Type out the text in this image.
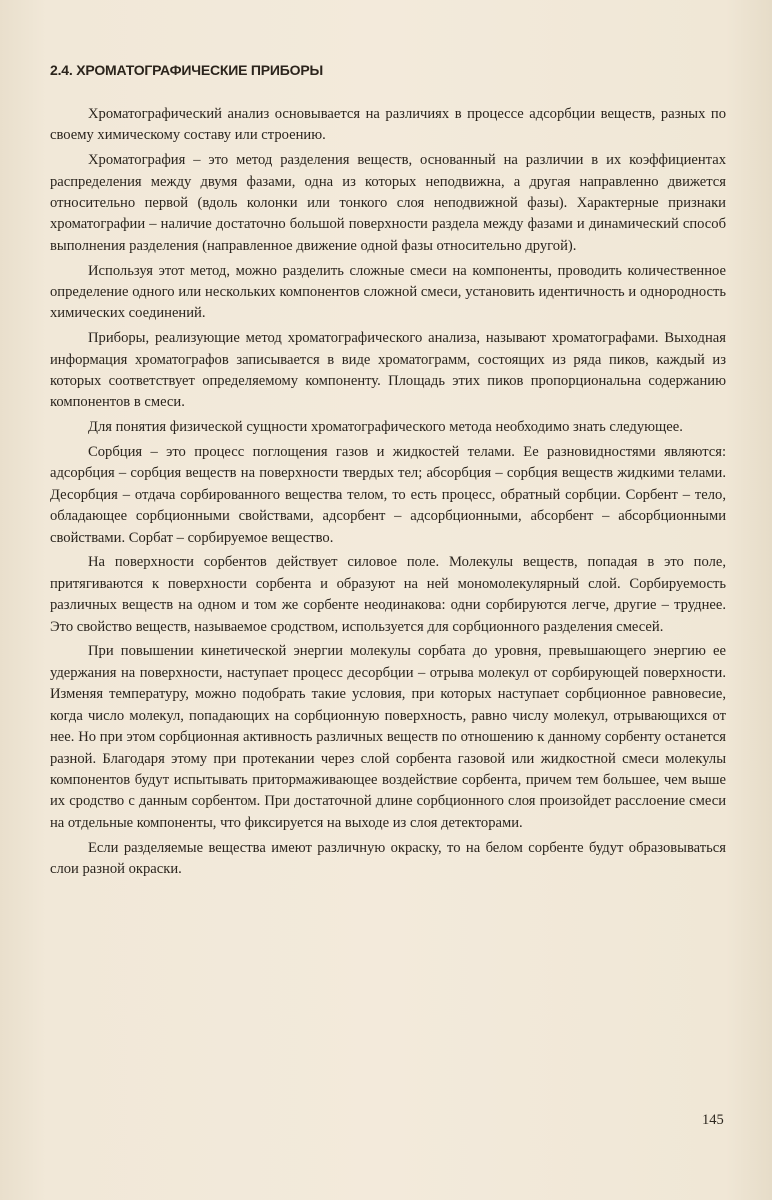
2.4. ХРОМАТОГРАФИЧЕСКИЕ ПРИБОРЫ

Хроматографический анализ основывается на различиях в процессе адсорбции веществ, разных по своему химическому составу или строению.

Хроматография – это метод разделения веществ, основанный на различии в их коэффициентах распределения между двумя фазами, одна из которых неподвижна, а другая направленно движется относительно первой (вдоль колонки или тонкого слоя неподвижной фазы). Характерные признаки хроматографии – наличие достаточно большой поверхности раздела между фазами и динамический способ выполнения разделения (направленное движение одной фазы относительно другой).

Используя этот метод, можно разделить сложные смеси на компоненты, проводить количественное определение одного или нескольких компонентов сложной смеси, установить идентичность и однородность химических соединений.

Приборы, реализующие метод хроматографического анализа, называют хроматографами. Выходная информация хроматографов записывается в виде хроматограмм, состоящих из ряда пиков, каждый из которых соответствует определяемому компоненту. Площадь этих пиков пропорциональна содержанию компонентов в смеси.

Для понятия физической сущности хроматографического метода необходимо знать следующее.

Сорбция – это процесс поглощения газов и жидкостей телами. Ее разновидностями являются: адсорбция – сорбция веществ на поверхности твердых тел; абсорбция – сорбция веществ жидкими телами. Десорбция – отдача сорбированного вещества телом, то есть процесс, обратный сорбции. Сорбент – тело, обладающее сорбционными свойствами, адсорбент – адсорбционными, абсорбент – абсорбционными свойствами. Сорбат – сорбируемое вещество.

На поверхности сорбентов действует силовое поле. Молекулы веществ, попадая в это поле, притягиваются к поверхности сорбента и образуют на ней мономолекулярный слой. Сорбируемость различных веществ на одном и том же сорбенте неодинакова: одни сорбируются легче, другие – труднее. Это свойство веществ, называемое сродством, используется для сорбционного разделения смесей.

При повышении кинетической энергии молекулы сорбата до уровня, превышающего энергию ее удержания на поверхности, наступает процесс десорбции – отрыва молекул от сорбирующей поверхности. Изменяя температуру, можно подобрать такие условия, при которых наступает сорбционное равновесие, когда число молекул, попадающих на сорбционную поверхность, равно числу молекул, отрывающихся от нее. Но при этом сорбционная активность различных веществ по отношению к данному сорбенту останется разной. Благодаря этому при протекании через слой сорбента газовой или жидкостной смеси молекулы компонентов будут испытывать притормаживающее воздействие сорбента, причем тем большее, чем выше их сродство с данным сорбентом. При достаточной длине сорбционного слоя произойдет расслоение смеси на отдельные компоненты, что фиксируется на выходе из слоя детекторами.

Если разделяемые вещества имеют различную окраску, то на белом сорбенте будут образовываться слои разной окраски.

145
